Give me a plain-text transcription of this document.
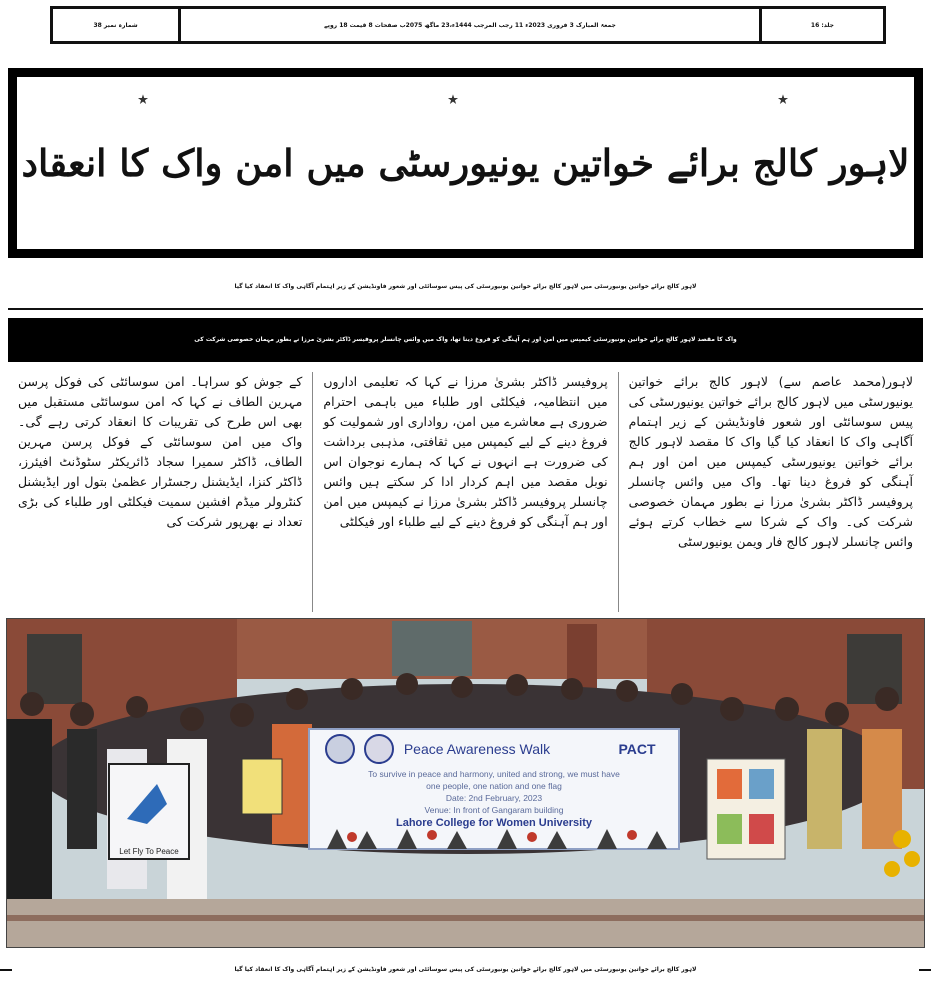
شمارہ نمبر 38	جمعۃ المبارک 3 فروری 2023ء 11 رجب المرجب 1444ء،23 ماگھ 2075ب صفحات 8 قیمت 18 روپے	جلد: 16
٭	٭	٭
لاہور کالج برائے خواتین یونیورسٹی میں امن واک کا انعقاد
لاہور کالج برائے خواتین یونیورسٹی میں لاہور کالج برائے خواتین یونیورسٹی کی پیس سوسائٹی اور شعور فاونڈیشن کے زیر اہتمام آگاہی واک کا انعقاد کیا گیا
واک کا مقصد لاہور کالج برائے خواتین یونیورسٹی کیمپس میں امن اور ہم آہنگی کو فروغ دینا تھا، واک میں وائس چانسلر پروفیسر ڈاکٹر بشریٰ مرزا نے بطور مہمان خصوصی شرکت کی
لاہور(محمد عاصم سے) لاہور کالج برائے خواتین یونیورسٹی میں لاہور کالج برائے خواتین یونیورسٹی کی پیس سوسائٹی اور شعور فاونڈیشن کے زیر اہتمام آگاہی واک کا انعقاد کیا گیا واک کا مقصد لاہور کالج برائے خواتین یونیورسٹی کیمپس میں امن اور ہم آہنگی کو فروغ دینا تھا۔ واک میں وائس چانسلر پروفیسر ڈاکٹر بشریٰ مرزا نے بطور مہمان خصوصی شرکت کی۔ واک کے شرکا سے خطاب کرتے ہوئے وائس چانسلر لاہور کالج فار ویمن یونیورسٹی
پروفیسر ڈاکٹر بشریٰ مرزا نے کہا کہ تعلیمی اداروں میں انتظامیہ، فیکلٹی اور طلباء میں باہمی احترام ضروری ہے معاشرے میں امن، رواداری اور شمولیت کو فروغ دینے کے لیے کیمپس میں ثقافتی، مذہبی برداشت کی ضرورت ہے انہوں نے کہا کہ ہمارے نوجوان اس نوبل مقصد میں اہم کردار ادا کر سکتے ہیں وائس چانسلر پروفیسر ڈاکٹر بشریٰ مرزا نے کیمپس میں امن اور ہم آہنگی کو فروغ دینے کے لیے طلباء اور فیکلٹی
کے جوش کو سراہا۔ امن سوسائٹی کی فوکل پرسن مہرین الطاف نے کہا کہ امن سوسائٹی مستقبل میں بھی اس طرح کی تقریبات کا انعقاد کرتی رہے گی۔ واک میں امن سوسائٹی کے فوکل پرسن مہرین الطاف، ڈاکٹر سمیرا سجاد ڈائریکٹر سٹوڈنٹ افیئرز، ڈاکٹر کنزا، ایڈیشنل رجسٹرار عظمیٰ بتول اور ایڈیشنل کنٹرولر میڈم افشین سمیت فیکلٹی اور طلباء کی بڑی تعداد نے بھرپور شرکت کی
Peace Awareness Walk	PACT
To survive in peace and harmony, united and strong, we must have
one people, one nation and one flag
Date: 2nd February, 2023
Venue: In front of Gangaram building
Lahore College for Women University
Let Fly To Peace
لاہور کالج برائے خواتین یونیورسٹی میں لاہور کالج برائے خواتین یونیورسٹی کی پیس سوسائٹی اور شعور فاونڈیشن کے زیر اہتمام آگاہی واک کا انعقاد کیا گیا
